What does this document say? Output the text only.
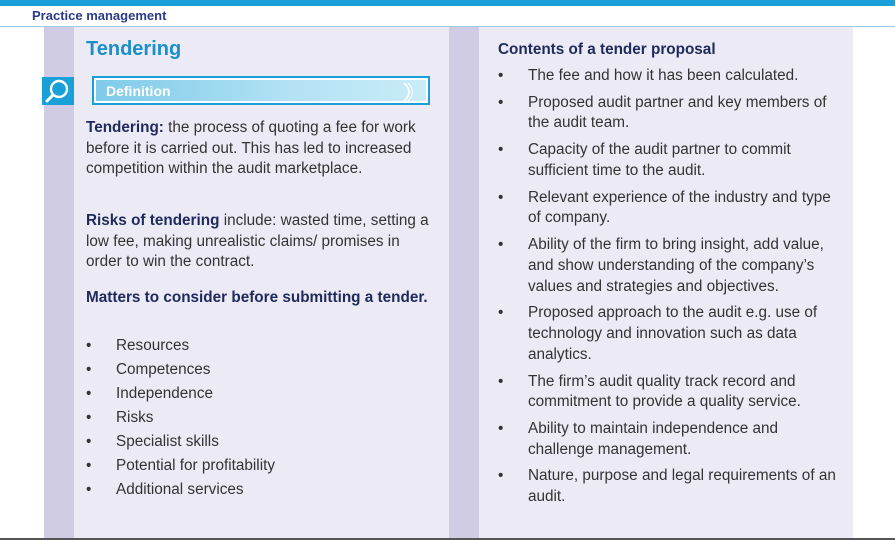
Practice management
Tendering
Definition

Tendering: the process of quoting a fee for work before it is carried out. This has led to increased competition within the audit marketplace.

Risks of tendering include: wasted time, setting a low fee, making unrealistic claims/ promises in order to win the contract.

Matters to consider before submitting a tender.

• Resources
• Competences
• Independence
• Risks
• Specialist skills
• Potential for profitability
• Additional services
Contents of a tender proposal
• The fee and how it has been calculated.
• Proposed audit partner and key members of the audit team.
• Capacity of the audit partner to commit sufficient time to the audit.
• Relevant experience of the industry and type of company.
• Ability of the firm to bring insight, add value, and show understanding of the company’s values and strategies and objectives.
• Proposed approach to the audit e.g. use of technology and innovation such as data analytics.
• The firm’s audit quality track record and commitment to provide a quality service.
• Ability to maintain independence and challenge management.
• Nature, purpose and legal requirements of an audit.
